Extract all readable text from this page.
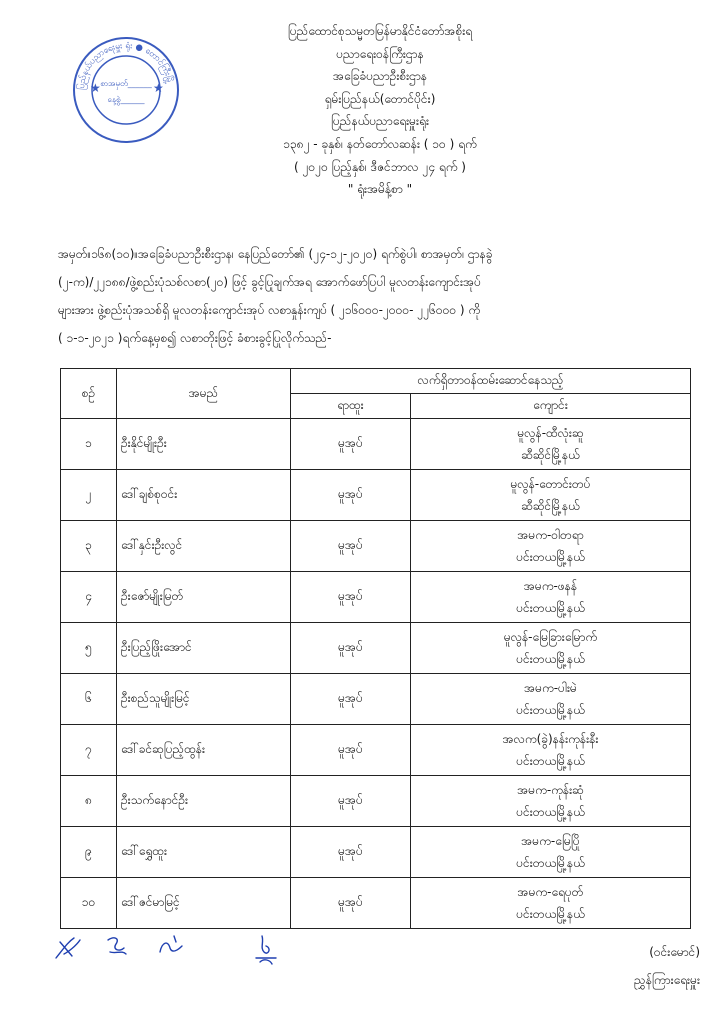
ပြည်နယ်ပညာရေးမှူး ရုံး ● တောင်ကြီးမြို့
★	★
စာအမှတ်______
နေ့စွဲ______
ပြည်ထောင်စုသမ္မတမြန်မာနိုင်ငံတော်အစိုးရ
ပညာရေးဝန်ကြီးဌာန
အခြေခံပညာဦးစီးဌာန
ရှမ်းပြည်နယ်(တောင်ပိုင်း)
ပြည်နယ်ပညာရေးမှူးရုံး
၁၃၈၂ - ခုနှစ်၊ နတ်တော်လဆန်း ( ၁၀ ) ရက်
( ၂၀၂၀ ပြည့်နှစ်၊ ဒီဇင်ဘာလ ၂၄ ရက် )
" ရုံးအမိန့်စာ "
အမှတ်။၁၆၈(၁၀)။အခြေခံပညာဦးစီးဌာန၊ နေပြည်တော်၏ (၂၄-၁၂-၂၀၂၀) ရက်စွဲပါ၊ စာအမှတ်၊ ဌာနခွဲ
(၂-က)/၂၂၁၈၈/ဖွဲ့စည်းပုံသစ်လစာ(၂၀) ဖြင့် ခွင့်ပြုချက်အရ အောက်ဖော်ပြပါ မူလတန်းကျောင်းအုပ်
များအား ဖွဲ့စည်းပုံအသစ်ရှိ မူလတန်းကျောင်းအုပ် လစာနှုန်းကျပ် ( ၂၁၆၀၀၀-၂၀၀၀- ၂၂၆၀၀၀ ) ကို
( ၁-၁-၂၀၂၁ )ရက်နေ့မှစ၍ လစာတိုးဖြင့် ခံစားခွင့်ပြုလိုက်သည်-
စဉ်	အမည်	လက်ရှိတာဝန်ထမ်းဆောင်နေသည့်	
		ရာထူး	ကျောင်း
၁	ဦးနိုင်မျိုးဦး	မူအုပ်	မူလွန်-ထီလုံးဆူ
ဆီဆိုင်မြို့နယ်

၂	ဒေါ်ချစ်စုဝင်း	မူအုပ်	မူလွန်-တောင်းတပ်
ဆီဆိုင်မြို့နယ်

၃	ဒေါ်နှင်းဦးလွင်	မူအုပ်	အမက-ဝါတရာ
ပင်းတယမြို့နယ်

၄	ဦးဇော်မျိုးမြတ်	မူအုပ်	အမက-ဖနန်
ပင်းတယမြို့နယ်

၅	ဦးပြည့်ဖြိုးအောင်	မူအုပ်	မူလွန်-မြေခြားမြောက်
ပင်းတယမြို့နယ်

၆	ဦးစည်သူမျိုးမြင့်	မူအုပ်	အမက-ပါးမဲ
ပင်းတယမြို့နယ်

၇	ဒေါ်ခင်ဆုပြည့်ထွန်း	မူအုပ်	အလက(ခွဲ)နန်းကုန်းနီး
ပင်းတယမြို့နယ်

၈	ဦးသက်နောင်ဦး	မူအုပ်	အမက-ကုန်းဆုံ
ပင်းတယမြို့နယ်

၉	ဒေါ်ရွှေထူး	မူအုပ်	အမက-မြေပြို
ပင်းတယမြို့နယ်

၁၀	ဒေါ်ဇင်မာမြင့်	မူအုပ်	အမက-ရေပုတ်
ပင်းတယမြို့နယ်
(ဝင်းမောင်)
ညွှန်ကြားရေးမှူး
